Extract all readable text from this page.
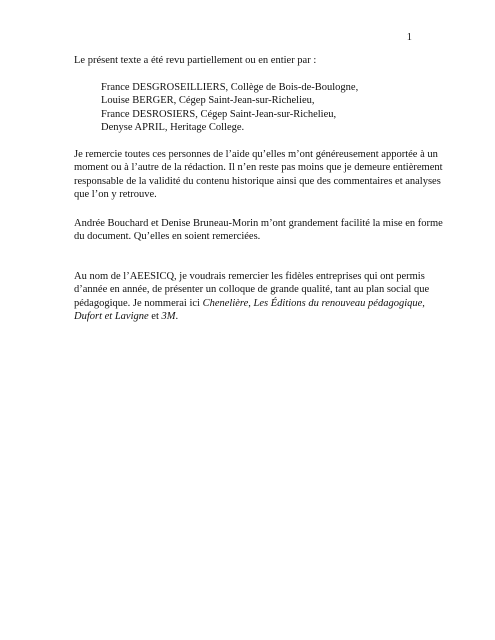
1
Le présent texte a été revu partiellement ou en entier par :
France DESGROSEILLIERS, Collège de Bois-de-Boulogne,
Louise BERGER, Cégep Saint-Jean-sur-Richelieu,
France DESROSIERS, Cégep Saint-Jean-sur-Richelieu,
Denyse APRIL, Heritage College.
Je remercie toutes ces personnes de l’aide qu’elles m’ont généreusement apportée à un
moment ou à l’autre de la rédaction. Il n’en reste pas moins que je demeure entièrement
responsable de la validité du contenu historique ainsi que des commentaires et analyses
que l’on y retrouve.
Andrée Bouchard et Denise Bruneau-Morin m’ont grandement facilité la mise en forme
du document. Qu’elles en soient remerciées.
Au nom de l’AEESICQ, je voudrais remercier les fidèles entreprises qui ont permis
d’année en année, de présenter un colloque de grande qualité, tant au plan social que
pédagogique. Je nommerai ici Chenelière, Les Éditions du renouveau pédagogique,
Dufort et Lavigne et 3M.
